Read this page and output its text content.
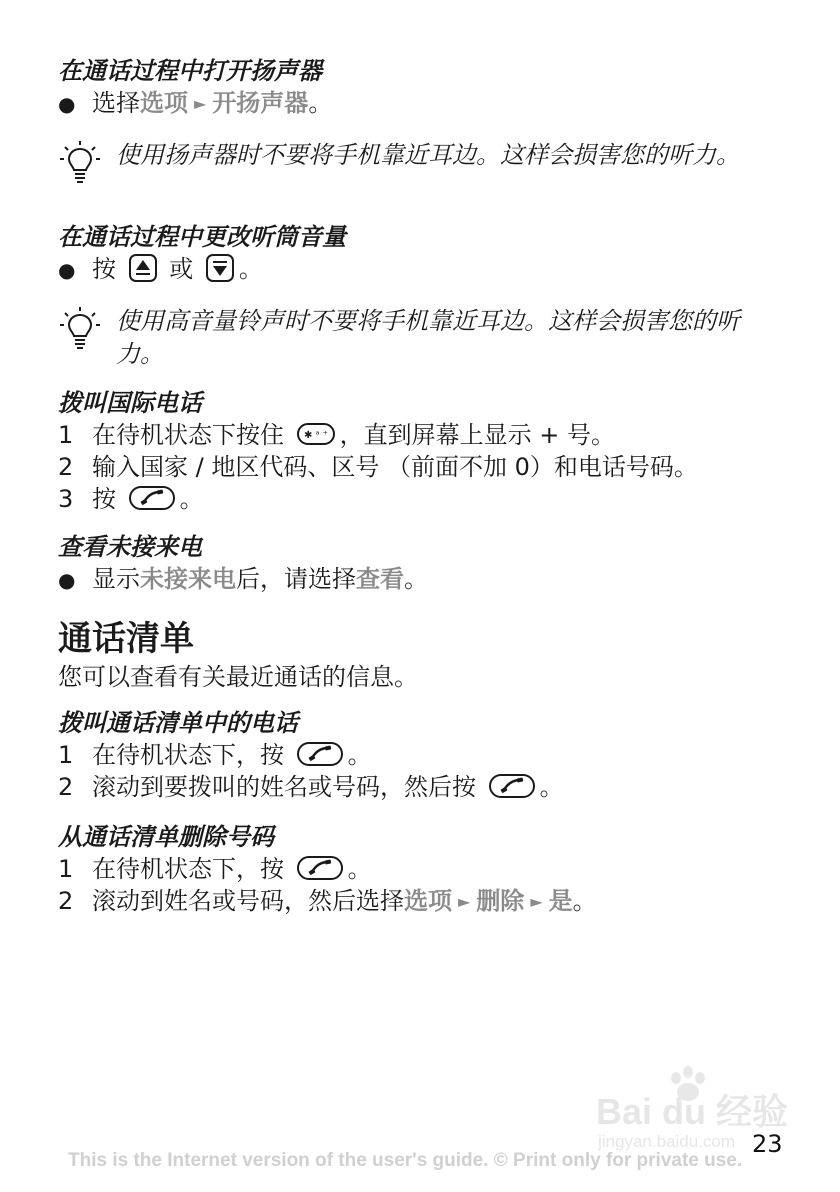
在通话过程中打开扬声器
● 选择选项 ► 开扬声器。
使用扬声器时不要将手机靠近耳边。这样会损害您的听力。
在通话过程中更改听筒音量
● 按 或 。
使用高音量铃声时不要将手机靠近耳边。这样会损害您的听力。
拨叫国际电话
1 在待机状态下按住 ✱ ᵃ ⁺ ，直到屏幕上显示 + 号。
2 输入国家 / 地区代码、区号 （前面不加 0）和电话号码。
3 按	。
查看未接来电
● 显示未接来电后，请选择查看。
通话清单
您可以查看有关最近通话的信息。
拨叫通话清单中的电话
1 在待机状态下，按	。
2 滚动到要拨叫的姓名或号码，然后按	。
从通话清单删除号码
1 在待机状态下，按	。
2 滚动到姓名或号码，然后选择选项 ► 删除 ► 是。
Bai du 经验
jingyan.baidu.com 23
This is the Internet version of the user's guide. © Print only for private use.
